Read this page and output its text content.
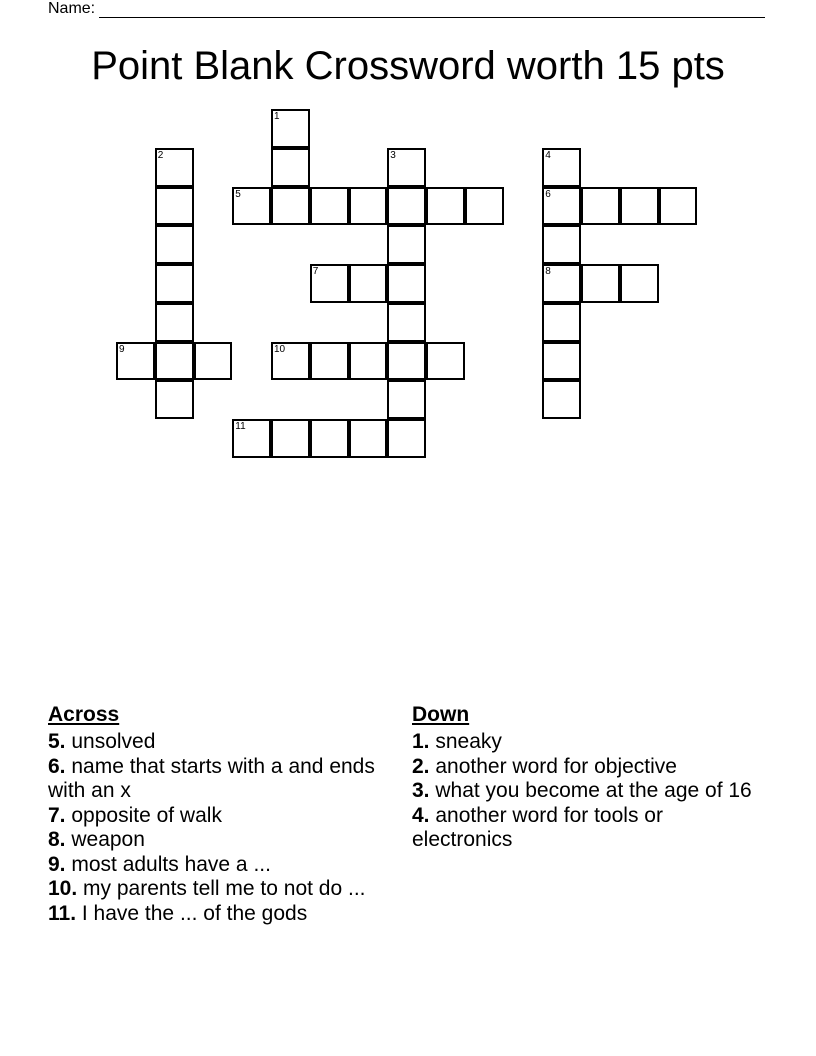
Name:
Point Blank Crossword worth 15 pts
1
2	3	4
5	6
7	8
9	10
11
Across
5. unsolved
6. name that starts with a and ends with an x
7. opposite of walk
8. weapon
9. most adults have a ...
10. my parents tell me to not do ...
11. I have the ... of the gods
Down
1. sneaky
2. another word for objective
3. what you become at the age of 16
4. another word for tools or electronics
